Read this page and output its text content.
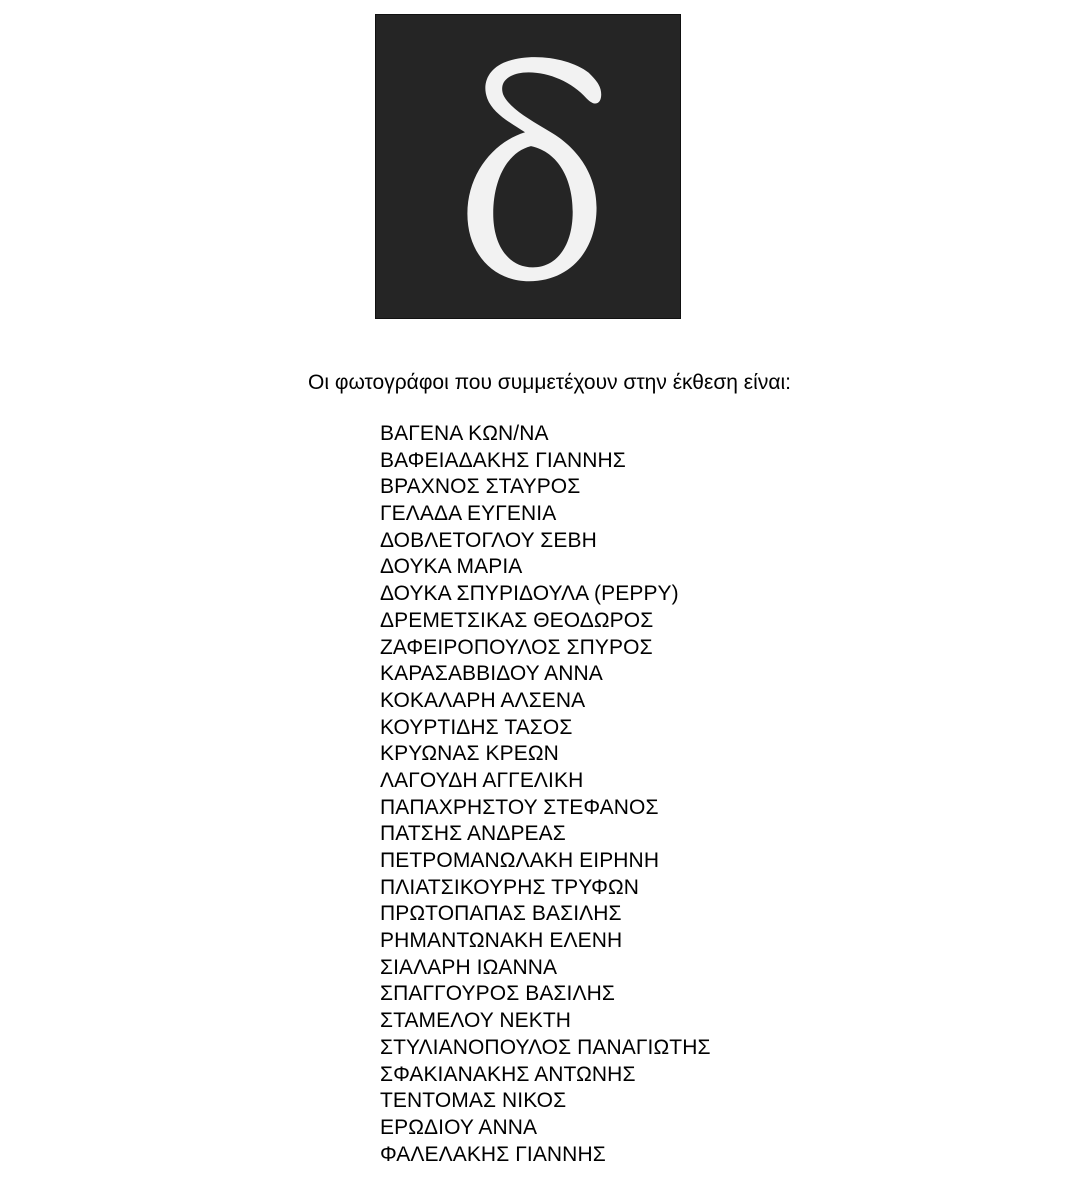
Οι φωτογράφοι που συμμετέχουν στην έκθεση είναι:
ΒΑΓΕΝΑ ΚΩΝ/ΝΑ
ΒΑΦΕΙΑΔΑΚΗΣ ΓΙΑΝΝΗΣ
ΒΡΑΧΝΟΣ ΣΤΑΥΡΟΣ
ΓΕΛΑΔΑ ΕΥΓΕΝΙΑ
ΔΟΒΛΕΤΟΓΛΟΥ ΣΕΒΗ
ΔΟΥΚΑ ΜΑΡΙΑ
ΔΟΥΚΑ ΣΠΥΡΙΔΟΥΛΑ (PEPPY)
ΔΡΕΜΕΤΣΙΚΑΣ ΘΕΟΔΩΡΟΣ
ΖΑΦΕΙΡΟΠΟΥΛΟΣ ΣΠΥΡΟΣ
ΚΑΡΑΣΑΒΒΙΔΟΥ ΑΝΝΑ
ΚΟΚΑΛΑΡΗ ΑΛΣΕΝΑ
ΚΟΥΡΤΙΔΗΣ ΤΑΣΟΣ
ΚΡΥΩΝΑΣ ΚΡΕΩΝ
ΛΑΓΟΥΔΗ ΑΓΓΕΛΙΚΗ
ΠΑΠΑΧΡΗΣΤΟΥ ΣΤΕΦΑΝΟΣ
ΠΑΤΣΗΣ ΑΝΔΡΕΑΣ
ΠΕΤΡΟΜΑΝΩΛΑΚΗ ΕΙΡΗΝΗ
ΠΛΙΑΤΣΙΚΟΥΡΗΣ ΤΡΥΦΩΝ
ΠΡΩΤΟΠΑΠΑΣ ΒΑΣΙΛΗΣ
ΡΗΜΑΝΤΩΝΑΚΗ ΕΛΕΝΗ
ΣΙΑΛΑΡΗ ΙΩΑΝΝΑ
ΣΠΑΓΓΟΥΡΟΣ ΒΑΣΙΛΗΣ
ΣΤΑΜΕΛΟΥ ΝΕΚΤΗ
ΣΤΥΛΙΑΝΟΠΟΥΛΟΣ ΠΑΝΑΓΙΩΤΗΣ
ΣΦΑΚΙΑΝΑΚΗΣ ΑΝΤΩΝΗΣ
ΤΕΝΤΟΜΑΣ ΝΙΚΟΣ
ΕΡΩΔΙΟΥ ΑΝΝΑ
ΦΑΛΕΛΑΚΗΣ ΓΙΑΝΝΗΣ
